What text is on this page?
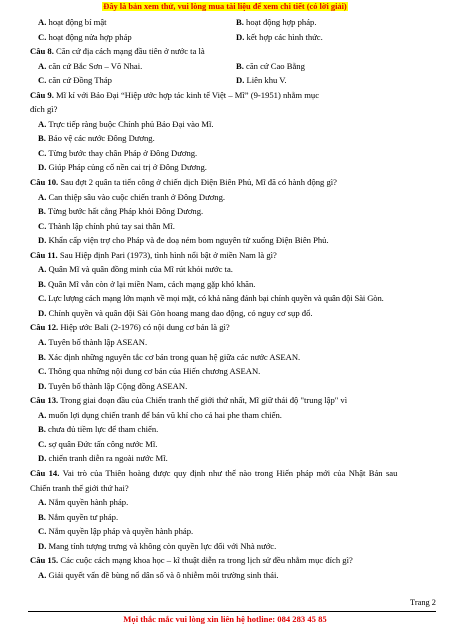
Đây là bản xem thử, vui lòng mua tài liệu để xem chi tiết (có lời giải)
A. hoạt động bí mật	B. hoạt động hợp pháp.
C. hoạt động nửa hợp pháp	D. kết hợp các hình thức.
Câu 8. Căn cứ địa cách mạng đầu tiên ở nước ta là
A. căn cứ Bắc Sơn – Võ Nhai.	B. căn cứ Cao Bằng
C. căn cứ Đồng Tháp	D. Liên khu V.
Câu 9. Mĩ kí với Bảo Đại “Hiệp ước hợp tác kinh tế Việt – Mĩ” (9-1951) nhằm mục
đích gì?
A. Trực tiếp ràng buộc Chính phủ Bảo Đại vào Mĩ.
B. Bảo vệ các nước Đông Dương.
C. Từng bước thay chân Pháp ở Đông Dương.
D. Giúp Pháp củng cố nền cai trị ở Đông Dương.
Câu 10. Sau đợt 2 quân ta tiến công ở chiến dịch Điện Biên Phủ, Mĩ đã có hành động gì?
A. Can thiệp sâu vào cuộc chiến tranh ở Đông Dương.
B. Từng bước hất cẳng Pháp khỏi Đông Dương.
C. Thành lập chính phủ tay sai thân Mĩ.
D. Khẩn cấp viện trợ cho Pháp và đe doạ ném bom nguyên tử xuống Điện Biên Phủ.
Câu 11. Sau Hiệp định Pari (1973), tình hình nổi bật ở miền Nam là gì?
A. Quân Mĩ và quân đồng minh của Mĩ rút khỏi nước ta.
B. Quân Mĩ vẫn còn ở lại miền Nam, cách mạng gặp khó khăn.
C. Lực lượng cách mạng lớn mạnh về mọi mặt, có khả năng đánh bại chính quyền và quân đội Sài Gòn.
D. Chính quyền và quân đội Sài Gòn hoang mang dao động, có nguy cơ sụp đổ.
Câu 12. Hiệp ước Bali (2-1976) có nội dung cơ bản là gì?
A. Tuyên bố thành lập ASEAN.
B. Xác định những nguyên tắc cơ bản trong quan hệ giữa các nước ASEAN.
C. Thông qua những nội dung cơ bản của Hiến chương ASEAN.
D. Tuyên bố thành lập Cộng đồng ASEAN.
Câu 13. Trong giai đoạn đầu của Chiến tranh thế giới thứ nhất, Mĩ giữ thái độ "trung lập" vì
A. muốn lợi dụng chiến tranh để bán vũ khí cho cả hai phe tham chiến.
B. chưa đủ tiềm lực để tham chiến.
C. sợ quân Đức tấn công nước Mĩ.
D. chiến tranh diễn ra ngoài nước Mĩ.
Câu 14. Vai trò của Thiên hoàng được quy định như thế nào trong Hiến pháp mới của Nhật Bản sau
Chiến tranh thế giới thứ hai?
A. Nắm quyền hành pháp.
B. Nắm quyền tư pháp.
C. Nắm quyền lập pháp và quyền hành pháp.
D. Mang tính tượng trưng và không còn quyền lực đối với Nhà nước.
Câu 15. Các cuộc cách mạng khoa học – kĩ thuật diễn ra trong lịch sử đều nhằm mục đích gì?
A. Giải quyết vấn đề bùng nổ dân số và ô nhiễm môi trường sinh thái.
Trang 2
Mọi thắc mắc vui lòng xin liên hệ hotline: 084 283 45 85
